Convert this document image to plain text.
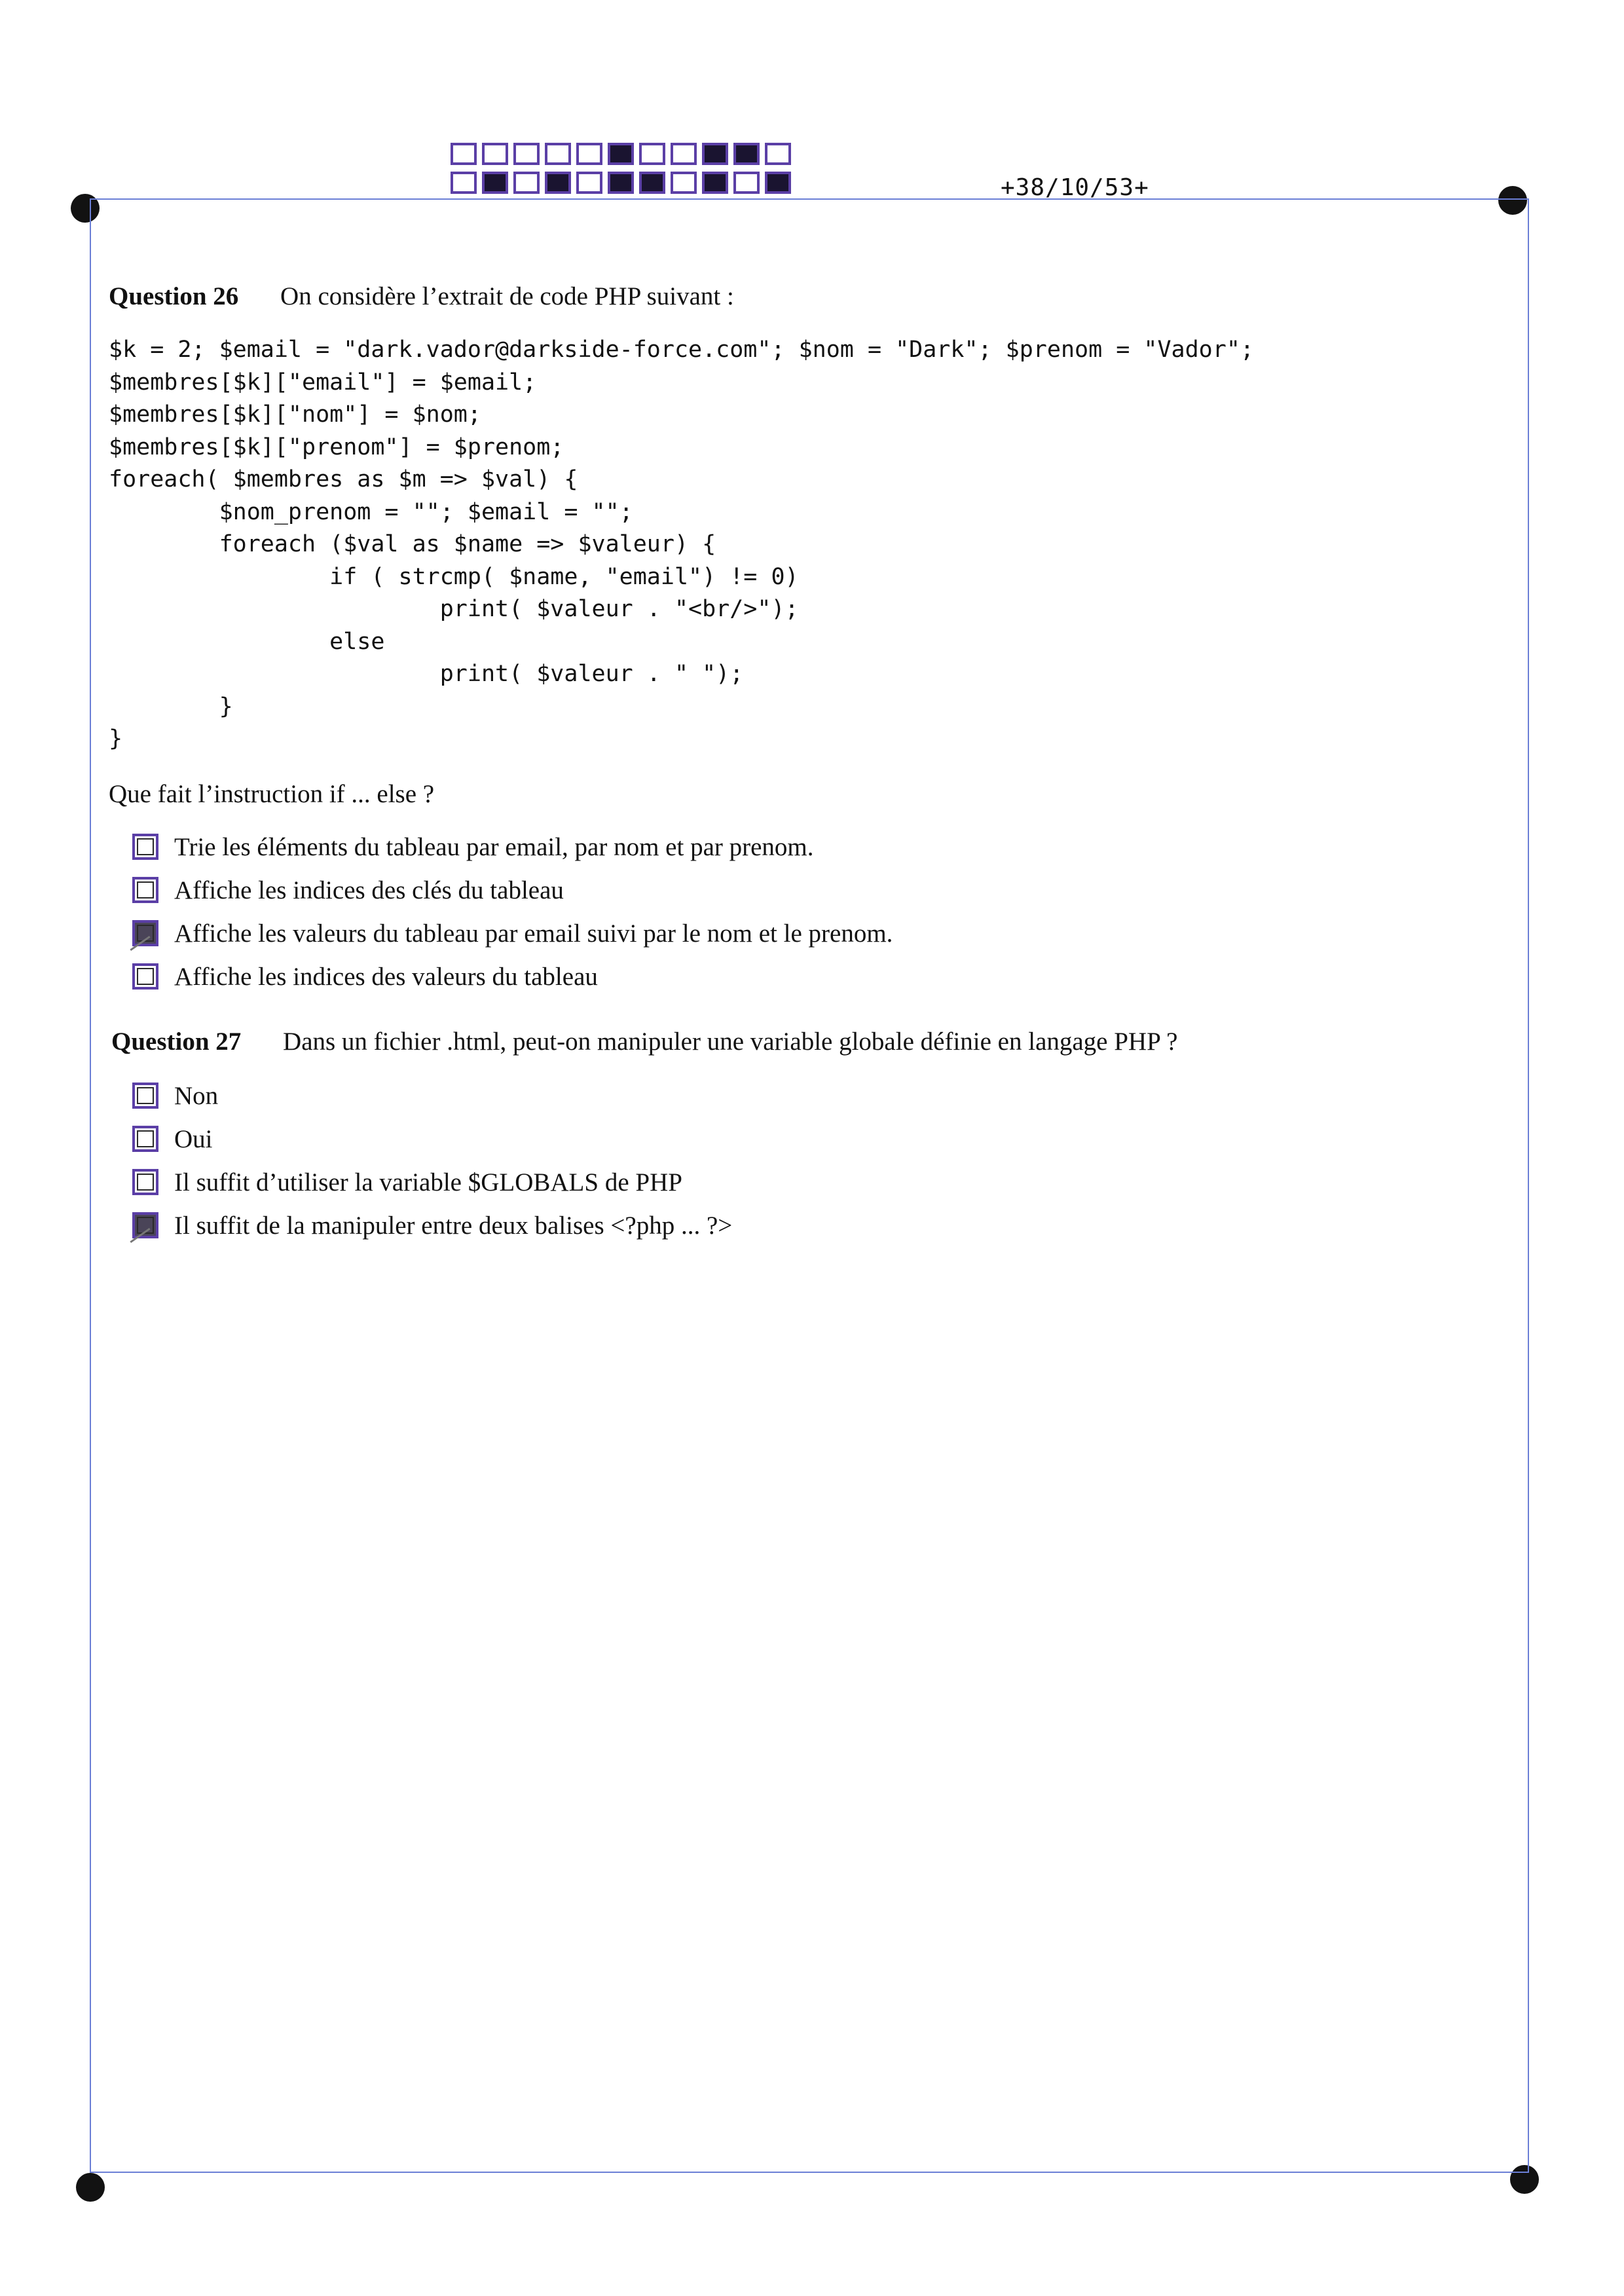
+38/10/53+
Question 26 On considère l’extrait de code PHP suivant :
$k = 2; $email = "dark.vador@darkside-force.com"; $nom = "Dark"; $prenom = "Vador";
$membres[$k]["email"] = $email;
$membres[$k]["nom"] = $nom;
$membres[$k]["prenom"] = $prenom;
foreach( $membres as $m => $val) {
$nom_prenom = ""; $email = "";
foreach ($val as $name => $valeur) {
if ( strcmp( $name, "email") != 0)
print( $valeur . "<br/>");
else
print( $valeur . " ");
}
}
Que fait l’instruction if ... else ?
Trie les éléments du tableau par email, par nom et par prenom.
Affiche les indices des clés du tableau
Affiche les valeurs du tableau par email suivi par le nom et le prenom.
Affiche les indices des valeurs du tableau
Question 27 Dans un fichier .html, peut-on manipuler une variable globale définie en langage PHP ?
Non
Oui
Il suffit d’utiliser la variable $GLOBALS de PHP
Il suffit de la manipuler entre deux balises <?php ... ?>
